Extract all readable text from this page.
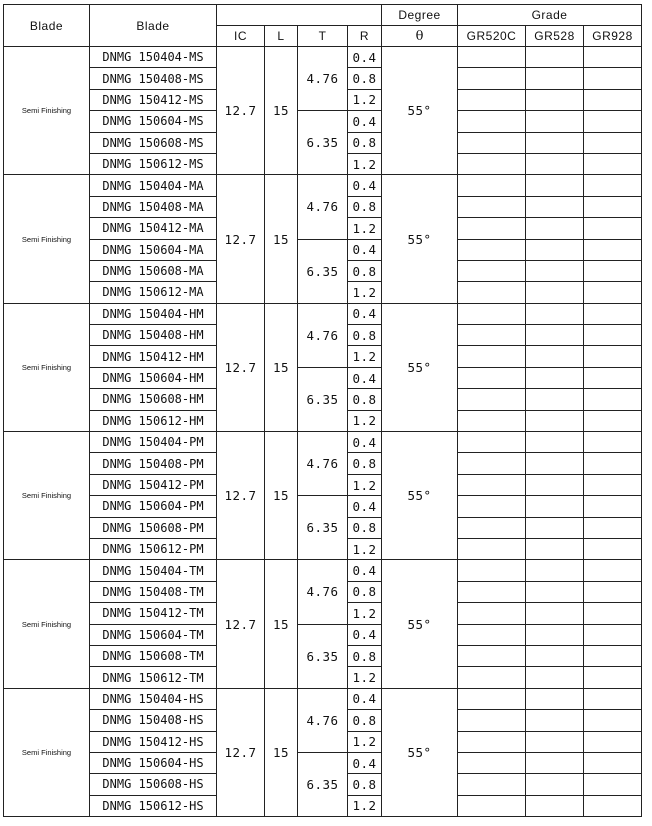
Blade	Blade					Degree	Grade		
		IC	L	T	R	θ	GR520C	GR528	GR928
Semi Finishing	DNMG 150404-MS	12.7	15	4.76	0.4	55°			
	DNMG 150408-MS				0.8				
	DNMG 150412-MS				1.2				
	DNMG 150604-MS			6.35	0.4				
	DNMG 150608-MS				0.8				
	DNMG 150612-MS				1.2				
Semi Finishing	DNMG 150404-MA	12.7	15	4.76	0.4	55°			
	DNMG 150408-MA				0.8				
	DNMG 150412-MA				1.2				
	DNMG 150604-MA			6.35	0.4				
	DNMG 150608-MA				0.8				
	DNMG 150612-MA				1.2				
Semi Finishing	DNMG 150404-HM	12.7	15	4.76	0.4	55°			
	DNMG 150408-HM				0.8				
	DNMG 150412-HM				1.2				
	DNMG 150604-HM			6.35	0.4				
	DNMG 150608-HM				0.8				
	DNMG 150612-HM				1.2				
Semi Finishing	DNMG 150404-PM	12.7	15	4.76	0.4	55°			
	DNMG 150408-PM				0.8				
	DNMG 150412-PM				1.2				
	DNMG 150604-PM			6.35	0.4				
	DNMG 150608-PM				0.8				
	DNMG 150612-PM				1.2				
Semi Finishing	DNMG 150404-TM	12.7	15	4.76	0.4	55°			
	DNMG 150408-TM				0.8				
	DNMG 150412-TM				1.2				
	DNMG 150604-TM			6.35	0.4				
	DNMG 150608-TM				0.8				
	DNMG 150612-TM				1.2				
Semi Finishing	DNMG 150404-HS	12.7	15	4.76	0.4	55°			
	DNMG 150408-HS				0.8				
	DNMG 150412-HS				1.2				
	DNMG 150604-HS			6.35	0.4				
	DNMG 150608-HS				0.8				
	DNMG 150612-HS				1.2				
